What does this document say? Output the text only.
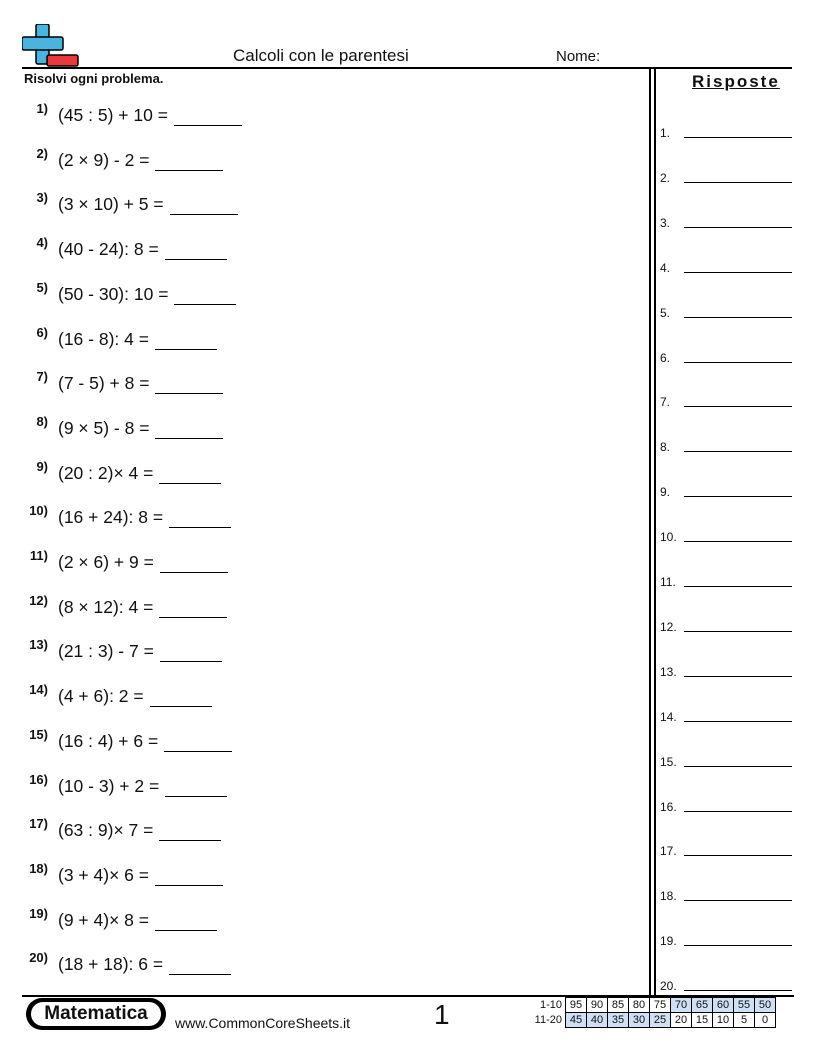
Calcoli con le parentesi	Nome:
Risolvi ogni problema.
1) (45 : 5) + 10 =
2) (2 × 9) - 2 =
3) (3 × 10) + 5 =
4) (40 - 24): 8 =
5) (50 - 30): 10 =
6) (16 - 8): 4 =
7) (7 - 5) + 8 =
8) (9 × 5) - 8 =
9) (20 : 2)× 4 =
10) (16 + 24): 8 =
11) (2 × 6) + 9 =
12) (8 × 12): 4 =
13) (21 : 3) - 7 =
14) (4 + 6): 2 =
15) (16 : 4) + 6 =
16) (10 - 3) + 2 =
17) (63 : 9)× 7 =
18) (3 + 4)× 6 =
19) (9 + 4)× 8 =
20) (18 + 18): 6 =
Risposte
1.
2.
3.
4.
5.
6.
7.
8.
9.
10.
11.
12.
13.
14.
15.
16.
17.
18.
19.
20.
Matematica	www.CommonCoreSheets.it	1	1-10	95	90	85	80	75	70	65	60	55	50
11-20	45	40	35	30	25	20	15	10	5	0
